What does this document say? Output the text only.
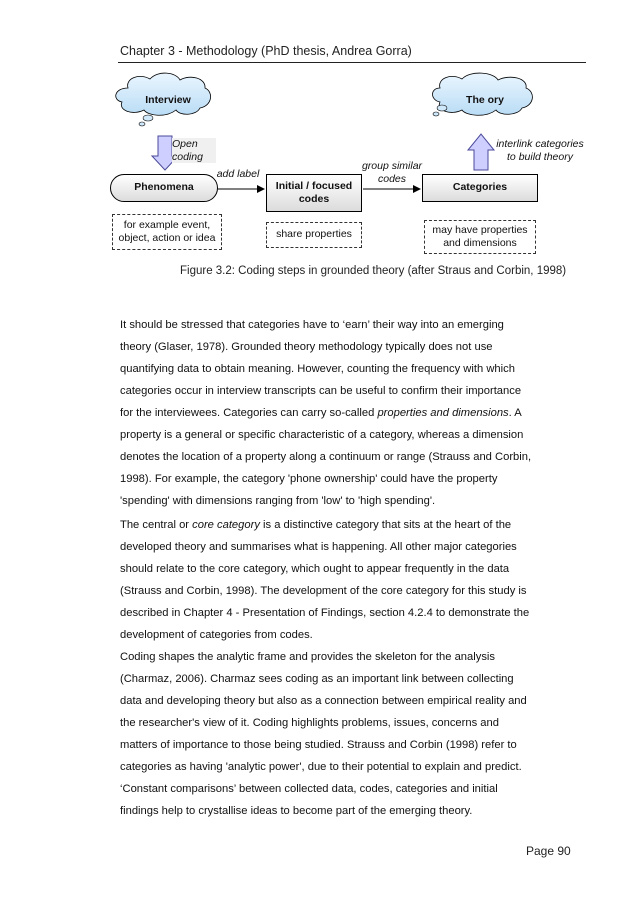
Chapter 3 - Methodology (PhD thesis, Andrea Gorra)
Interview	The ory
Open
coding
interlink categories
to build theory
Phenomena
add label
Initial / focused
codes
group similar
codes
Categories
for example event,
object, action or idea	share properties	may have properties
and dimensions
Figure 3.2: Coding steps in grounded theory (after Straus and Corbin, 1998)

It should be stressed that categories have to ‘earn’ their way into an emerging

theory (Glaser, 1978). Grounded theory methodology typically does not use

quantifying data to obtain meaning. However, counting the frequency with which

categories occur in interview transcripts can be useful to confirm their importance

for the interviewees. Categories can carry so-called properties and dimensions. A

property is a general or specific characteristic of a category, whereas a dimension

denotes the location of a property along a continuum or range (Strauss and Corbin,

1998). For example, the category 'phone ownership' could have the property

'spending' with dimensions ranging from 'low' to 'high spending'.

The central or core category is a distinctive category that sits at the heart of the

developed theory and summarises what is happening. All other major categories

should relate to the core category, which ought to appear frequently in the data

(Strauss and Corbin, 1998). The development of the core category for this study is

described in Chapter 4 - Presentation of Findings, section 4.2.4 to demonstrate the

development of categories from codes.

Coding shapes the analytic frame and provides the skeleton for the analysis

(Charmaz, 2006). Charmaz sees coding as an important link between collecting

data and developing theory but also as a connection between empirical reality and

the researcher's view of it. Coding highlights problems, issues, concerns and

matters of importance to those being studied. Strauss and Corbin (1998) refer to

categories as having 'analytic power', due to their potential to explain and predict.

‘Constant comparisons’ between collected data, codes, categories and initial

findings help to crystallise ideas to become part of the emerging theory.

Page 90
